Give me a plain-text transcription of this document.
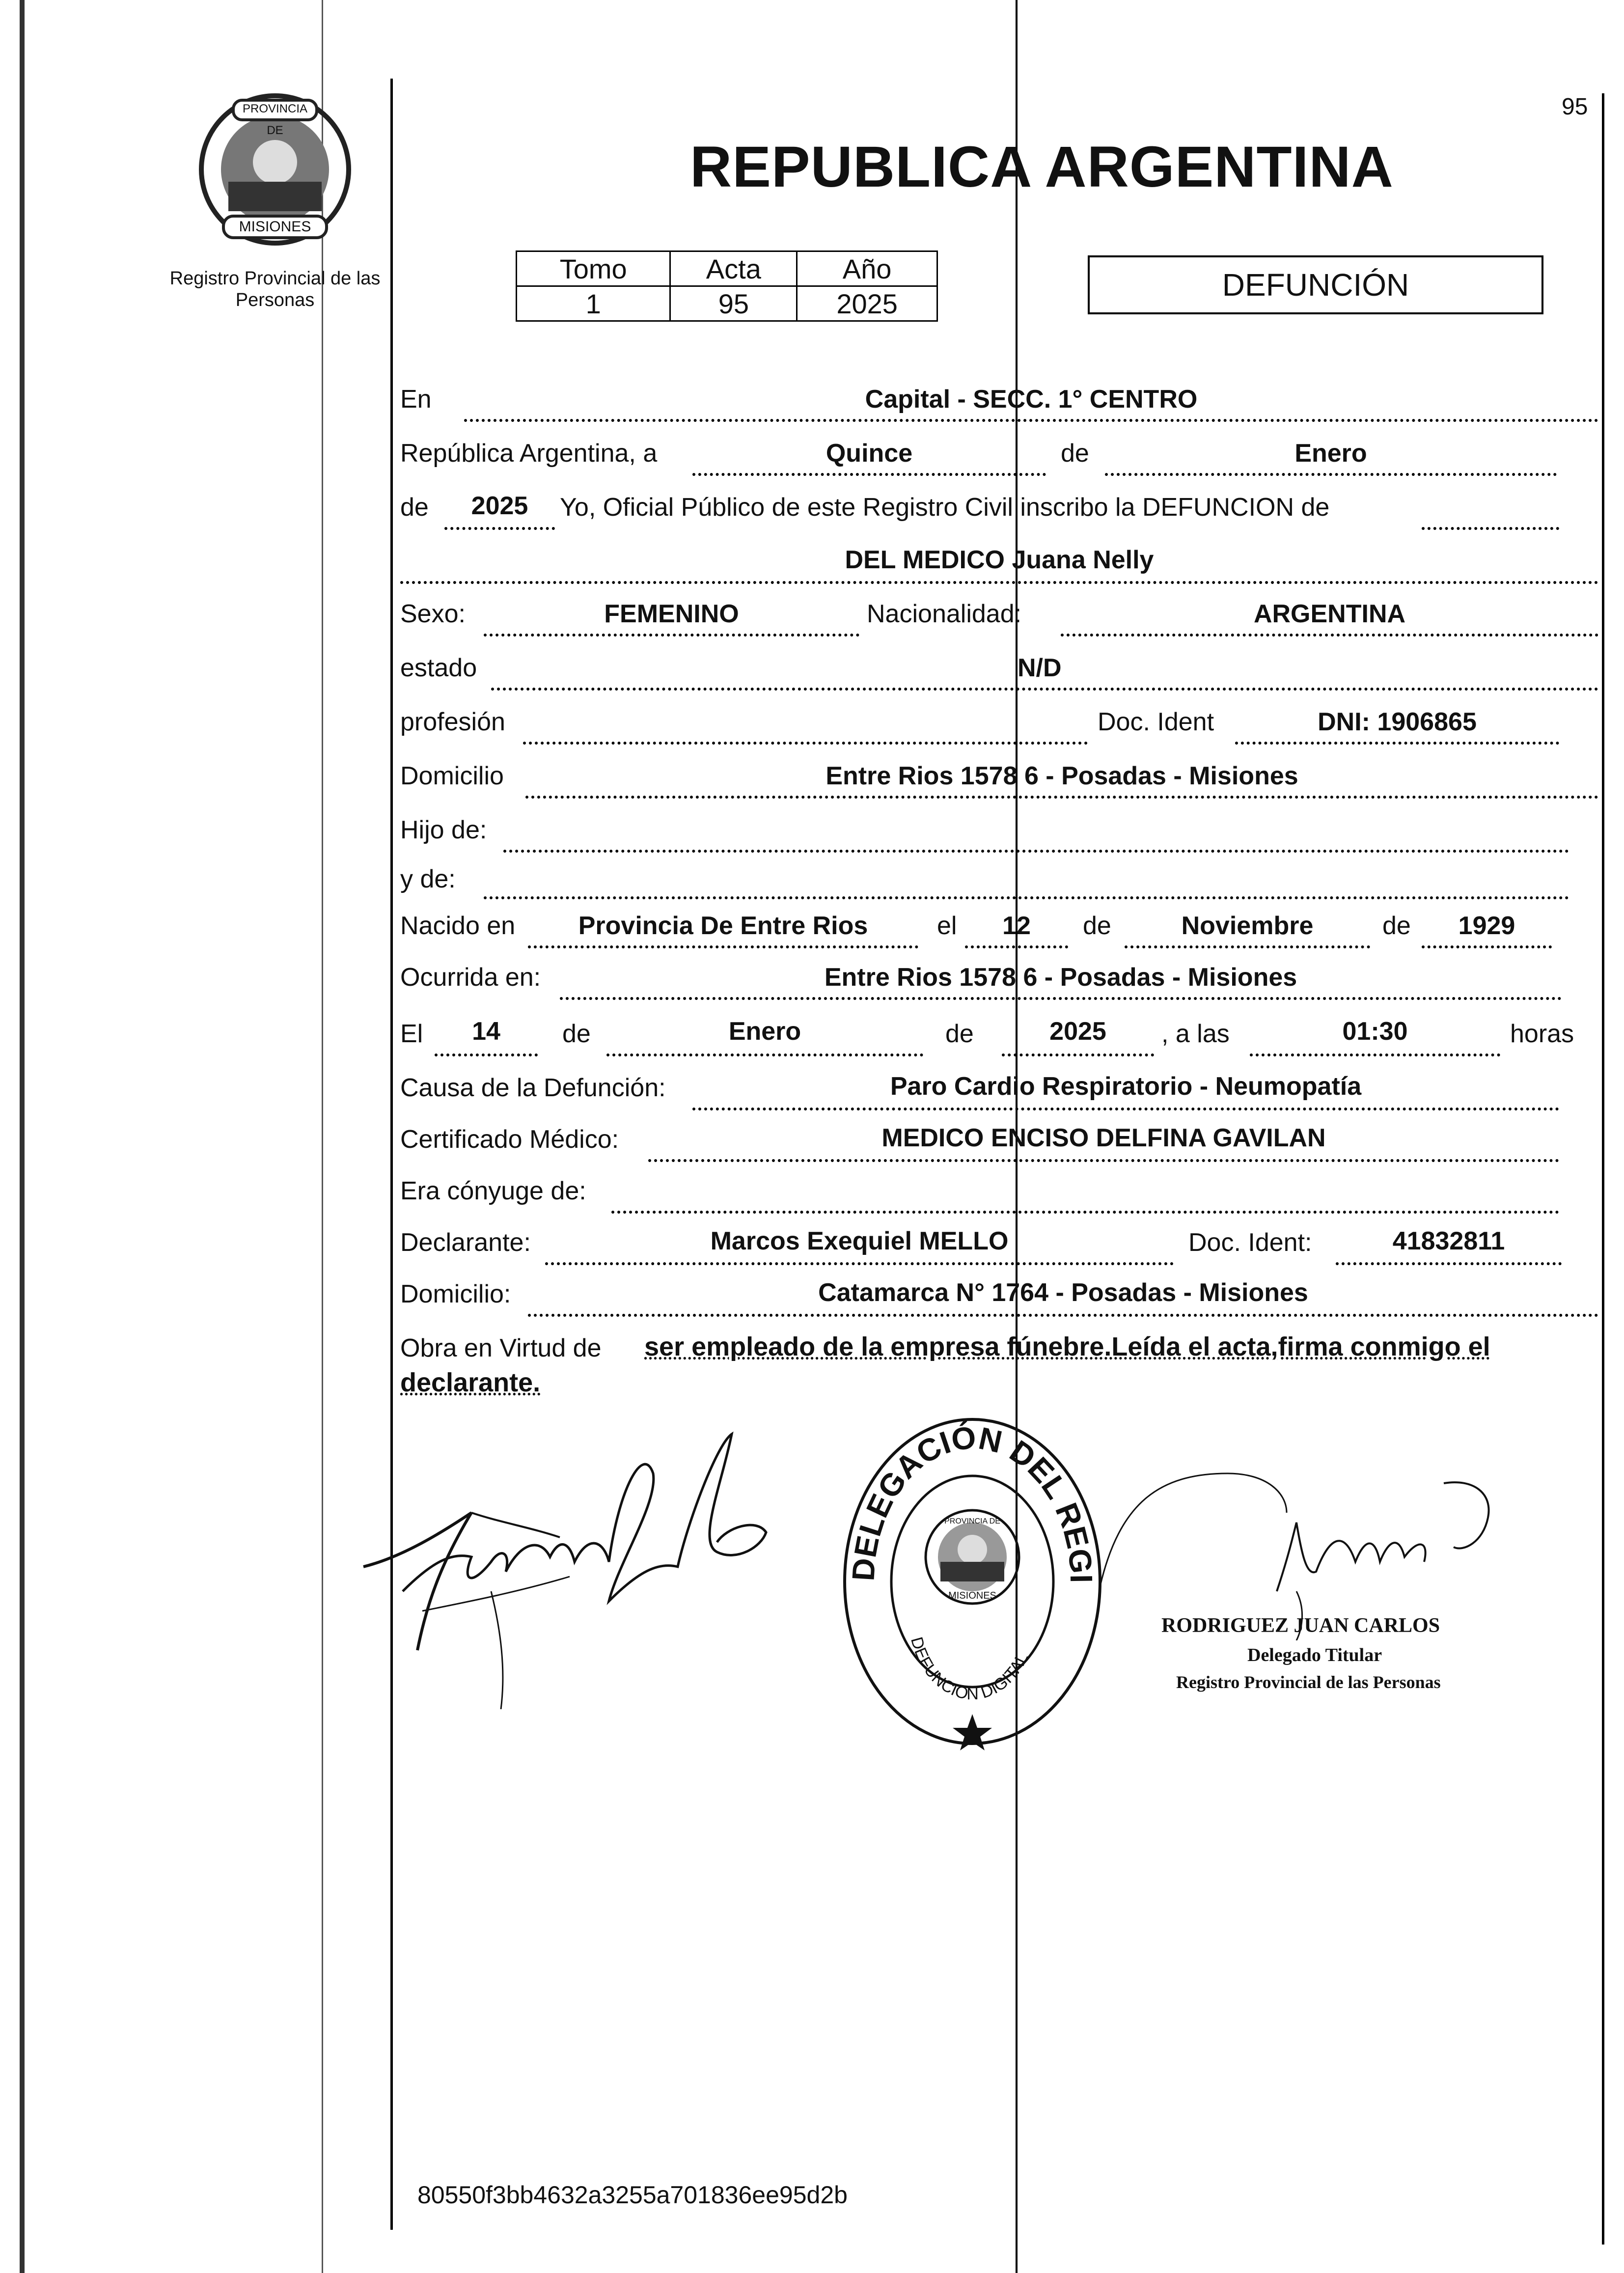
PROVINCIA DE
MISIONES
Registro Provincial de las Personas
95
REPUBLICA ARGENTINA
Tomo	Acta	Año
1	95	2025
DEFUNCIÓN
En	Capital - SECC. 1° CENTRO
República Argentina, a	Quince	de	Enero
de	2025	Yo, Oficial Público de este Registro Civil inscribo la DEFUNCION de
DEL MEDICO Juana Nelly
Sexo:	FEMENINO	Nacionalidad:	ARGENTINA
estado	N/D
profesión	Doc. Ident	DNI: 1906865
Domicilio	Entre Rios 1578 6 - Posadas - Misiones
Hijo de:
y de:
Nacido en	Provincia De Entre Rios	el	12	de	Noviembre	de	1929
Ocurrida en:	Entre Rios 1578 6 - Posadas - Misiones
El	14	de	Enero	de	2025	, a las	01:30	horas
Causa de la Defunción:	Paro Cardio Respiratorio - Neumopatía
Certificado Médico:	MEDICO ENCISO DELFINA GAVILAN
Era cónyuge de:
Declarante:	Marcos Exequiel MELLO	Doc. Ident:	41832811
Domicilio:	Catamarca N° 1764 - Posadas - Misiones
Obra en Virtud de ser empleado de la empresa fúnebre.Leída el acta,firma conmigo el
declarante.
DELEGACIÓN DEL REGI
DEFUNCION DIGITAL
PROVINCIA DE
MISIONES
RODRIGUEZ JUAN CARLOS
Delegado Titular
Registro Provincial de las Personas
80550f3bb4632a3255a701836ee95d2b
